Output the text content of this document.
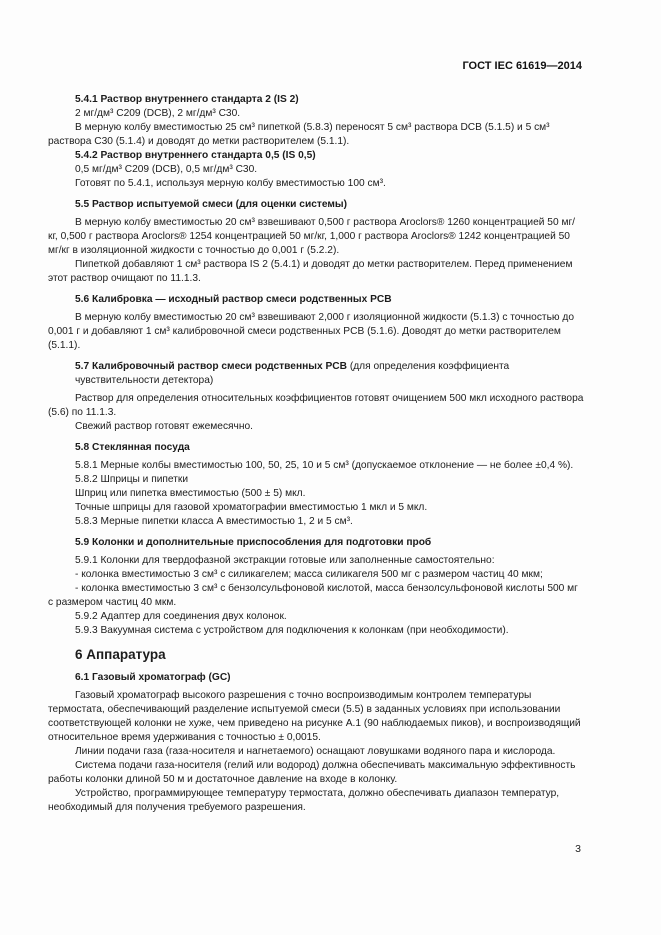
ГОСТ IEC 61619—2014

5.4.1 Раствор внутреннего стандарта 2 (IS 2)

2 мг/дм³ C209 (DCB), 2 мг/дм³ C30.

В мерную колбу вместимостью 25 см³ пипеткой (5.8.3) переносят 5 см³ раствора DCB (5.1.5) и 5 см³ раствора C30 (5.1.4) и доводят до метки растворителем (5.1.1).

5.4.2 Раствор внутреннего стандарта 0,5 (IS 0,5)

0,5 мг/дм³ C209 (DCB), 0,5 мг/дм³ C30.

Готовят по 5.4.1, используя мерную колбу вместимостью 100 см³.

5.5 Раствор испытуемой смеси (для оценки системы)

В мерную колбу вместимостью 20 см³ взвешивают 0,500 г раствора Aroclors® 1260 концентрацией 50 мг/кг, 0,500 г раствора Aroclors® 1254 концентрацией 50 мг/кг, 1,000 г раствора Aroclors® 1242 концентрацией 50 мг/кг в изоляционной жидкости с точностью до 0,001 г (5.2.2).

Пипеткой добавляют 1 см³ раствора IS 2 (5.4.1) и доводят до метки растворителем. Перед применением этот раствор очищают по 11.1.3.

5.6 Калибровка — исходный раствор смеси родственных PCB

В мерную колбу вместимостью 20 см³ взвешивают 2,000 г изоляционной жидкости (5.1.3) с точностью до 0,001 г и добавляют 1 см³ калибровочной смеси родственных PCB (5.1.6). Доводят до метки растворителем (5.1.1).

5.7 Калибровочный раствор смеси родственных PCB (для определения коэффициента чувствительности детектора)

Раствор для определения относительных коэффициентов готовят очищением 500 мкл исходного раствора (5.6) по 11.1.3.

Свежий раствор готовят ежемесячно.

5.8 Стеклянная посуда

5.8.1 Мерные колбы вместимостью 100, 50, 25, 10 и 5 см³ (допускаемое отклонение — не более ±0,4 %).

5.8.2 Шприцы и пипетки

Шприц или пипетка вместимостью (500 ± 5) мкл.

Точные шприцы для газовой хроматографии вместимостью 1 мкл и 5 мкл.

5.8.3 Мерные пипетки класса А вместимостью 1, 2 и 5 см³.

5.9 Колонки и дополнительные приспособления для подготовки проб

5.9.1 Колонки для твердофазной экстракции готовые или заполненные самостоятельно:

- колонка вместимостью 3 см³ с силикагелем; масса силикагеля 500 мг с размером частиц 40 мкм;

- колонка вместимостью 3 см³ с бензолсульфоновой кислотой, масса бензолсульфоновой кислоты 500 мг с размером частиц 40 мкм.

5.9.2 Адаптер для соединения двух колонок.

5.9.3 Вакуумная система с устройством для подключения к колонкам (при необходимости).

6 Аппаратура

6.1 Газовый хроматограф (GC)

Газовый хроматограф высокого разрешения с точно воспроизводимым контролем температуры термостата, обеспечивающий разделение испытуемой смеси (5.5) в заданных условиях при использовании соответствующей колонки не хуже, чем приведено на рисунке А.1 (90 наблюдаемых пиков), и воспроизводящий относительное время удерживания с точностью ± 0,0015.

Линии подачи газа (газа-носителя и нагнетаемого) оснащают ловушками водяного пара и кислорода.

Система подачи газа-носителя (гелий или водород) должна обеспечивать максимальную эффективность работы колонки длиной 50 м и достаточное давление на входе в колонку.

Устройство, программирующее температуру термостата, должно обеспечивать диапазон температур, необходимый для получения требуемого разрешения.

3
